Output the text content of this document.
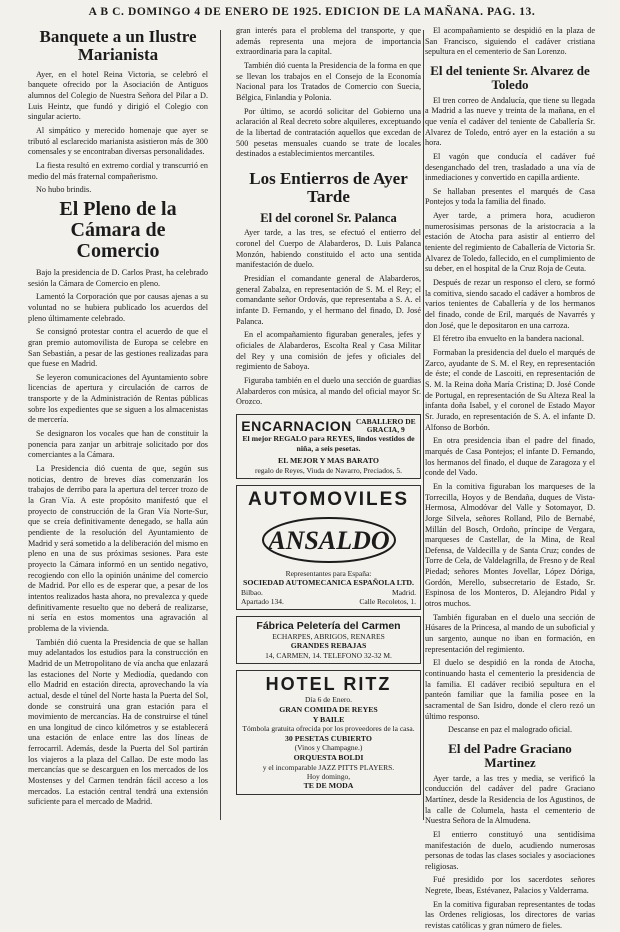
A B C. DOMINGO 4 DE ENERO DE 1925. EDICION DE LA MAÑANA. PAG. 13.
Banquete a un Ilustre Marianista

Ayer, en el hotel Reina Victoria, se celebró el banquete ofrecido por la Asociación de Antiguos alumnos del Colegio de Nuestra Señora del Pilar a D. Luis Heintz, que fundó y dirigió el Colegio con singular acierto.

Al simpático y merecido homenaje que ayer se tributó al esclarecido marianista asistieron más de 300 comensales y se encontraban diversas personalidades.

La fiesta resultó en extremo cordial y transcurrió en medio del más fraternal compañerismo.

No hubo brindis.

El Pleno de la Cámara de Comercio

Bajo la presidencia de D. Carlos Prast, ha celebrado sesión la Cámara de Comercio en pleno.

Lamentó la Corporación que por causas ajenas a su voluntad no se hubiera publicado los acuerdos del pleno últimamente celebrado.

Se consignó protestar contra el acuerdo de que el gran premio automovilista de Europa se celebre en San Sebastián, a pesar de las gestiones realizadas para que fuese en Madrid.

Se leyeron comunicaciones del Ayuntamiento sobre licencias de apertura y circulación de carros de transporte y de la Administración de Rentas públicas sobre los expedientes que se siguen a los almacenistas de mercería.

Se designaron los vocales que han de constituir la ponencia para zanjar un arbitraje solicitado por dos comerciantes a la Cámara.

La Presidencia dió cuenta de que, según sus noticias, dentro de breves días comenzarán los trabajos de derribo para la apertura del tercer trozo de la Gran Vía. A este propósito manifestó que el proyecto de construcción de la Gran Vía Norte-Sur, que se creía definitivamente denegado, se halla aún pendiente de la resolución del Ayuntamiento de Madrid y será sometido a la deliberación del mismo en pleno en una de sus próximas sesiones. Para este proyecto la Cámara informó en un sentido negativo, recogiendo con ello la opinión unánime del comercio de Madrid. Por ello es de esperar que, a pesar de los intentos realizados hasta ahora, no prevalezca y quede definitivamente resuelto que no deberá de realizarse, ni sería en estos momentos una agravación al problema de la vivienda.

También dió cuenta la Presidencia de que se hallan muy adelantados los estudios para la construcción en Madrid de un Metropolitano de vía ancha que enlazará las estaciones del Norte y Mediodía, quedando con ello Madrid en estación directa, aprovechando la vía actual, desde el túnel del Norte hasta la Puerta del Sol, donde se construirá una gran estación para el movimiento de mercancías. Ha de construirse el túnel en una longitud de cinco kilómetros y se establecerá una estación de enlace entre las dos líneas de ferrocarril. Además, desde la Puerta del Sol partirán los viajeros a la plaza del Callao. De este modo las mercancías que se descarguen en los mercados de los Mostenses y del Carmen tendrán fácil acceso a los mercados. La estación central tendrá una extensión suficiente para el mercado de Madrid.

gran interés para el problema del transporte, y que además representa una mejora de importancia extraordinaria para la capital.

También dió cuenta la Presidencia de la forma en que se llevan los trabajos en el Consejo de la Economía Nacional para los Tratados de Comercio con Suecia, Bélgica, Finlandia y Polonia.

Por último, se acordó solicitar del Gobierno una aclaración al Real decreto sobre alquileres, exceptuando de la libertad de contratación aquellos que excedan de 500 pesetas mensuales cuando se trate de locales destinados a establecimientos mercantiles.

Los Entierros de Ayer Tarde
El del coronel Sr. Palanca

Ayer tarde, a las tres, se efectuó el entierro del coronel del Cuerpo de Alabarderos, D. Luis Palanca Monzón, habiendo constituido el acto una sentida manifestación de duelo.

Presidían el comandante general de Alabarderos, general Zabalza, en representación de S. M. el Rey; el comandante señor Ordovás, que representaba a S. A. el infante D. Fernando, y el hermano del finado, D. José Palanca.

En el acompañamiento figuraban generales, jefes y oficiales de Alabarderos, Escolta Real y Casa Militar del Rey y una comisión de jefes y oficiales del regimiento de Saboya.

Figuraba también en el duelo una sección de guardias Alabarderos con música, al mando del oficial mayor Sr. Orozco.

ENCARNACION CABALLERO DE GRACIA, 9
El mejor REGALO para REYES, lindos vestidos de niña, a seis pesetas.
EL MEJOR Y MAS BARATO
regalo de Reyes, Viuda de Navarro, Preciados, 5.
AUTOMOVILES
ANSALDO
Representantes para España:
SOCIEDAD AUTOMECANICA ESPAÑOLA LTD.
Bilbao.	Madrid.
Apartado 134.	Calle Recoletos, 1.
Fábrica Peletería del Carmen
ECHARPES, ABRIGOS, RENARES
GRANDES REBAJAS
14, CARMEN, 14. TELEFONO 32-32 M.
HOTEL RITZ
Día 6 de Enero.
GRAN COMIDA DE REYES
Y BAILE
Tómbola gratuita ofrecida por los proveedores de la casa.
30 PESETAS CUBIERTO
(Vinos y Champagne.)
ORQUESTA BOLDI
y el incomparable JAZZ PITTS PLAYERS.
Hoy domingo,
TE DE MODA

El acompañamiento se despidió en la plaza de San Francisco, siguiendo el cadáver cristiana sepultura en el cementerio de San Lorenzo.

El del teniente Sr. Alvarez de Toledo

El tren correo de Andalucía, que tiene su llegada a Madrid a las nueve y treinta de la mañana, en el que venía el cadáver del teniente de Caballería Sr. Alvarez de Toledo, entró ayer en la estación a su hora.

El vagón que conducía el cadáver fué desenganchado del tren, trasladado a una vía de inmediaciones y convertido en capilla ardiente.

Se hallaban presentes el marqués de Casa Pontejos y toda la familia del finado.

Ayer tarde, a primera hora, acudieron numerosísimas personas de la aristocracia a la estación de Atocha para asistir al entierro del teniente del regimiento de Caballería de Victoria Sr. Alvarez de Toledo, fallecido, en el cumplimiento de su deber, en el hospital de la Cruz Roja de Ceuta.

Después de rezar un responso el clero, se formó la comitiva, siendo sacado el cadáver a hombros de varios tenientes de Caballería y de los hermanos del finado, conde de Eril, marqués de Navarrés y don José, que le depositaron en una carroza.

El féretro iba envuelto en la bandera nacional.

Formaban la presidencia del duelo el marqués de Zarco, ayudante de S. M. el Rey, en representación de éste; el conde de Lascoiti, en representación de S. M. la Reina doña María Cristina; D. José Conde de Portugal, en representación de Su Alteza Real la infanta doña Isabel, y el coronel de Estado Mayor Sr. Jurado, en representación de S. A. el infante D. Alfonso de Borbón.

En otra presidencia iban el padre del finado, marqués de Casa Pontejos; el infante D. Fernando, los hermanos del finado, el duque de Zaragoza y el conde del Vado.

En la comitiva figuraban los marqueses de la Torrecilla, Hoyos y de Bendaña, duques de Vista-Hermosa, Almodóvar del Valle y Sotomayor, D. Jorge Silvela, señores Rolland, Pilo de Bernabé, Millán del Bosch, Ordoño, príncipe de Vergara, marqueses de Castellar, de la Mina, de Real Defensa, de Valdecilla y de Santa Cruz; condes de Torre de Cela, de Valdelagrilla, de Fresno y de Real Piedad; señores Montes Jovellar, López Dóriga, Gordón, Merello, subsecretario de Estado, Sr. Espinosa de los Monteros, D. Alejandro Pidal y otros muchos.

También figuraban en el duelo una sección de Húsares de la Princesa, al mando de un suboficial y un sargento, aunque no iban en formación, en representación del regimiento.

El duelo se despidió en la ronda de Atocha, continuando hasta el cementerio la presidencia de la familia. El cadáver recibió sepultura en el panteón familiar que la familia posee en la sacramental de San Isidro, donde el clero rezó un último responso.

Descanse en paz el malogrado oficial.

El del Padre Graciano Martinez

Ayer tarde, a las tres y media, se verificó la conducción del cadáver del padre Graciano Martínez, desde la Residencia de los Agustinos, de la calle de Columela, hasta el cementerio de Nuestra Señora de la Almudena.

El entierro constituyó una sentidísima manifestación de duelo, acudiendo numerosas personas de todas las clases sociales y asociaciones religiosas.

Fué presidido por los sacerdotes señores Negrete, Ibeas, Estévanez, Palacios y Valderrama.

En la comitiva figuraban representantes de todas las Ordenes religiosas, los directores de varias revistas católicas y gran número de fieles.
